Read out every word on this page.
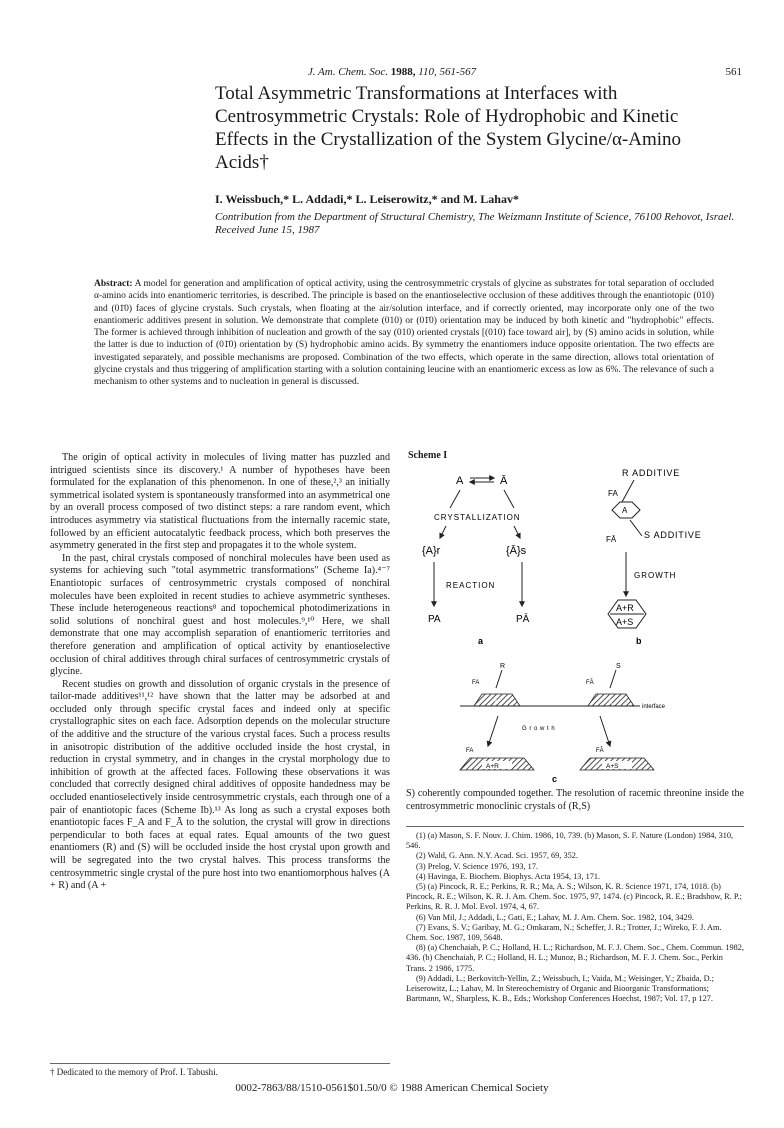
J. Am. Chem. Soc. 1988, 110, 561-567	561
Total Asymmetric Transformations at Interfaces with Centrosymmetric Crystals: Role of Hydrophobic and Kinetic Effects in the Crystallization of the System Glycine/α-Amino Acids†
I. Weissbuch,* L. Addadi,* L. Leiserowitz,* and M. Lahav*
Contribution from the Department of Structural Chemistry, The Weizmann Institute of Science, 76100 Rehovot, Israel. Received June 15, 1987
Abstract: A model for generation and amplification of optical activity, using the centrosymmetric crystals of glycine as substrates for total separation of occluded α-amino acids into enantiomeric territories, is described. The principle is based on the enantioselective occlusion of these additives through the enantiotopic (010) and (01̄0) faces of glycine crystals. Such crystals, when floating at the air/solution interface, and if correctly oriented, may incorporate only one of the two enantiomeric additives present in solution. We demonstrate that complete (010) or (01̄0) orientation may be induced by both kinetic and "hydrophobic" effects. The former is achieved through inhibition of nucleation and growth of the say (010) oriented crystals [(010) face toward air], by (S) amino acids in solution, while the latter is due to induction of (01̄0) orientation by (S) hydrophobic amino acids. By symmetry the enantiomers induce opposite orientation. The two effects are investigated separately, and possible mechanisms are proposed. Combination of the two effects, which operate in the same direction, allows total orientation of glycine crystals and thus triggering of amplification starting with a solution containing leucine with an enantiomeric excess as low as 6%. The relevance of such a mechanism to other systems and to nucleation in general is discussed.

The origin of optical activity in molecules of living matter has puzzled and intrigued scientists since its discovery.¹ A number of hypotheses have been formulated for the explanation of this phenomenon. In one of these,²,³ an initially symmetrical isolated system is spontaneously transformed into an asymmetrical one by an overall process composed of two distinct steps: a rare random event, which introduces asymmetry via statistical fluctuations from the internally racemic state, followed by an efficient autocatalytic feedback process, which both preserves the asymmetry generated in the first step and propagates it to the whole system.

In the past, chiral crystals composed of nonchiral molecules have been used as systems for achieving such "total asymmetric transformations" (Scheme Ia).⁴⁻⁷ Enantiotopic surfaces of centrosymmetric crystals composed of nonchiral molecules have been exploited in recent studies to achieve asymmetric syntheses. These include heterogeneous reactions⁸ and topochemical photodimerizations in solid solutions of nonchiral guest and host molecules.⁹,¹⁰ Here, we shall demonstrate that one may accomplish separation of enantiomeric territories and therefore generation and amplification of optical activity by enantioselective occlusion of chiral additives through chiral surfaces of centrosymmetric crystals of glycine.

Recent studies on growth and dissolution of organic crystals in the presence of tailor-made additives¹¹,¹² have shown that the latter may be adsorbed at and occluded only through specific crystal faces and indeed only at specific crystallographic sites on each face. Adsorption depends on the molecular structure of the additive and the structure of the various crystal faces. Such a process results in anisotropic distribution of the additive occluded inside the host crystal, in reduction in crystal symmetry, and in changes in the crystal morphology due to inhibition of growth at the affected faces. Following these observations it was concluded that correctly designed chiral additives of opposite handedness may be occluded enantioselectively inside centrosymmetric crystals, each through one of a pair of enantiotopic faces (Scheme Ib).¹³ As long as such a crystal exposes both enantiotopic faces F_A and F_Ā to the solution, the crystal will grow in directions perpendicular to both faces at equal rates. Equal amounts of the two guest enantiomers (R) and (S) will be occluded inside the host crystal upon growth and will be segregated into the two crystal halves. This process transforms the centrosymmetric single crystal of the pure host into two enantiomorphous halves (A + R) and (A +

† Dedicated to the memory of Prof. I. Tabushi.
Scheme I
A	Ā
CRYSTALLIZATION
{A}r	{Ā}s
REACTION
PA	PĀ
a
R ADDITIVE
FA
A
FĀ	S ADDITIVE
GROWTH
A+R
A+S
b
R
FA
A
S
FĀ
A
interface
G r o w t h
FA
A+R
FĀ
A+S
c
S) coherently compounded together. The resolution of racemic threonine inside the centrosymmetric monoclinic crystals of (R,S)
(1) (a) Mason, S. F. Nouv. J. Chim. 1986, 10, 739. (b) Mason, S. F. Nature (London) 1984, 310, 546.
(2) Wald, G. Ann. N.Y. Acad. Sci. 1957, 69, 352.
(3) Prelog, V. Science 1976, 193, 17.
(4) Havinga, E. Biochem. Biophys. Acta 1954, 13, 171.
(5) (a) Pincock, R. E.; Perkins, R. R.; Ma, A. S.; Wilson, K. R. Science 1971, 174, 1018. (b) Pincock, R. E.; Wilson, K. R. J. Am. Chem. Soc. 1975, 97, 1474. (c) Pincock, R. E.; Bradshow, R. P.; Perkins, R. R. J. Mol. Evol. 1974, 4, 67.
(6) Van Mil, J.; Addadi, L.; Gati, E.; Lahav, M. J. Am. Chem. Soc. 1982, 104, 3429.
(7) Evans, S. V.; Garibay, M. G.; Omkaram, N.; Scheffer, J. R.; Trotter, J.; Wireko, F. J. Am. Chem. Soc. 1987, 109, 5648.
(8) (a) Chenchaiah, P. C.; Holland, H. L.; Richardson, M. F. J. Chem. Soc., Chem. Commun. 1982, 436. (b) Chenchaiah, P. C.; Holland, H. L.; Munoz, B.; Richardson, M. F. J. Chem. Soc., Perkin Trans. 2 1986, 1775.
(9) Addadi, L.; Berkovitch-Yellin, Z.; Weissbuch, I.; Vaida, M.; Weisinger, Y.; Zbaida, D.; Leiserowitz, L.; Lahav, M. In Stereochemistry of Organic and Bioorganic Transformations; Bartmann, W., Sharpless, K. B., Eds.; Workshop Conferences Hoechst, 1987; Vol. 17, p 127.
0002-7863/88/1510-0561$01.50/0 © 1988 American Chemical Society
